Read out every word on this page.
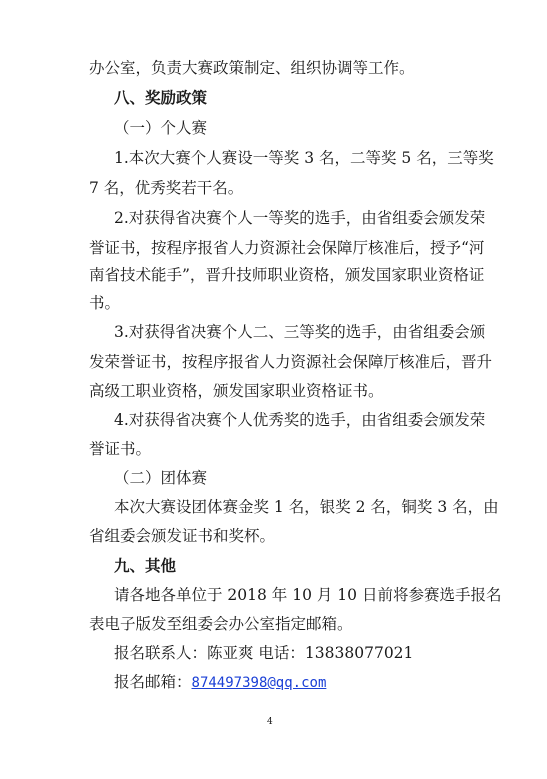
办公室，负责大赛政策制定、组织协调等工作。
八、奖励政策
（一）个人赛
1.本次大赛个人赛设一等奖 3 名，二等奖 5 名，三等奖
7 名，优秀奖若干名。
2.对获得省决赛个人一等奖的选手，由省组委会颁发荣
誉证书，按程序报省人力资源社会保障厅核准后，授予“河
南省技术能手”，晋升技师职业资格，颁发国家职业资格证
书。
3.对获得省决赛个人二、三等奖的选手，由省组委会颁
发荣誉证书，按程序报省人力资源社会保障厅核准后，晋升
高级工职业资格，颁发国家职业资格证书。
4.对获得省决赛个人优秀奖的选手，由省组委会颁发荣
誉证书。
（二）团体赛
本次大赛设团体赛金奖 1 名，银奖 2 名，铜奖 3 名，由
省组委会颁发证书和奖杯。
九、其他
请各地各单位于 2018 年 10 月 10 日前将参赛选手报名
表电子版发至组委会办公室指定邮箱。
报名联系人：陈亚爽 电话：13838077021
报名邮箱：874497398@qq.com
4
